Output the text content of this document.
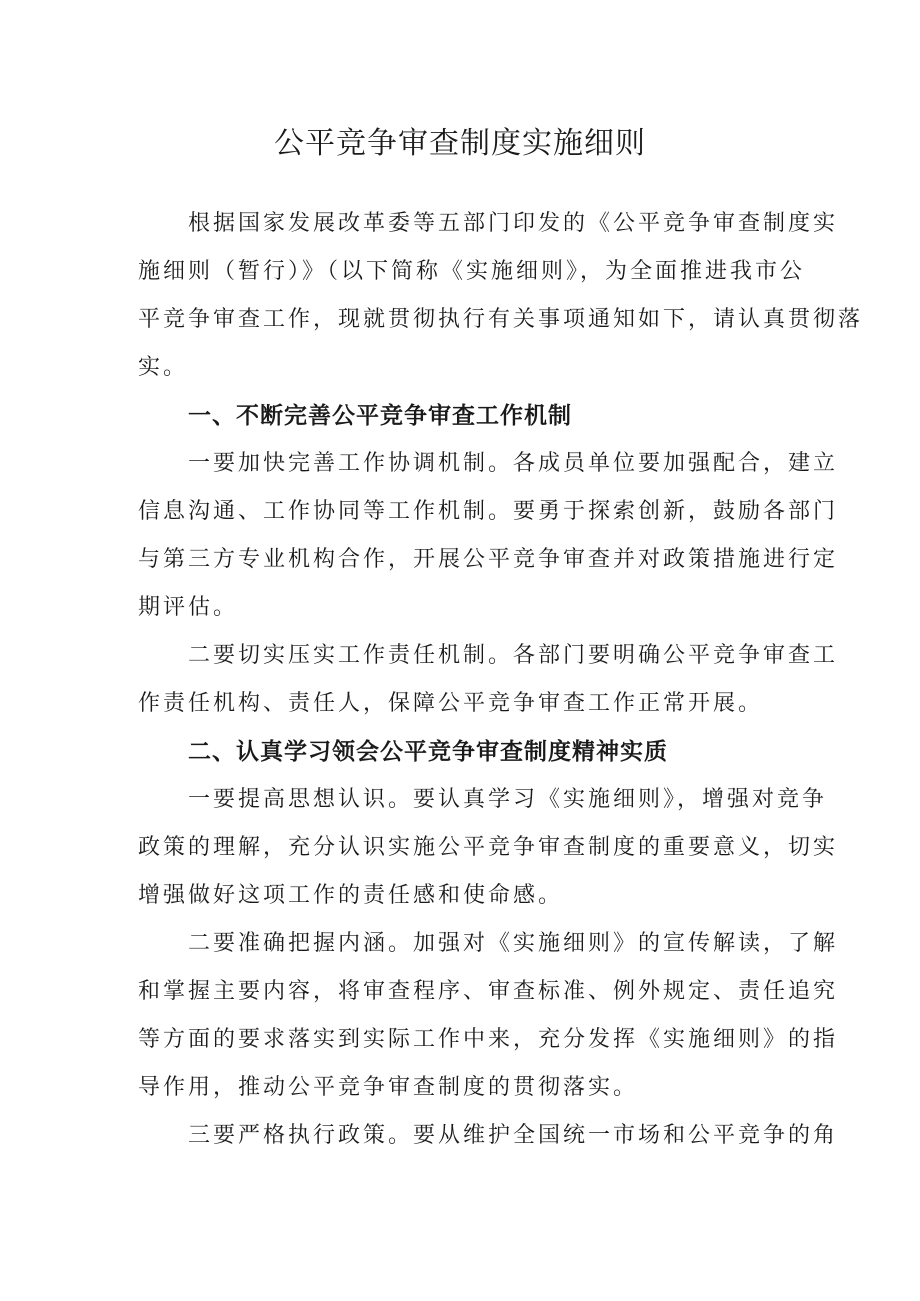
公平竞争审查制度实施细则
根据国家发展改革委等五部门印发的《公平竞争审查制度实
施细则（暂行）》（以下简称《实施细则》，为全面推进我市公
平竞争审查工作，现就贯彻执行有关事项通知如下，请认真贯彻落
实。
一、不断完善公平竞争审查工作机制
一要加快完善工作协调机制。各成员单位要加强配合，建立
信息沟通、工作协同等工作机制。要勇于探索创新，鼓励各部门
与第三方专业机构合作，开展公平竞争审查并对政策措施进行定
期评估。
二要切实压实工作责任机制。各部门要明确公平竞争审查工
作责任机构、责任人，保障公平竞争审查工作正常开展。
二、认真学习领会公平竞争审查制度精神实质
一要提高思想认识。要认真学习《实施细则》，增强对竞争
政策的理解，充分认识实施公平竞争审查制度的重要意义，切实
增强做好这项工作的责任感和使命感。
二要准确把握内涵。加强对《实施细则》的宣传解读，了解
和掌握主要内容，将审查程序、审查标准、例外规定、责任追究
等方面的要求落实到实际工作中来，充分发挥《实施细则》的指
导作用，推动公平竞争审查制度的贯彻落实。
三要严格执行政策。要从维护全国统一市场和公平竞争的角
